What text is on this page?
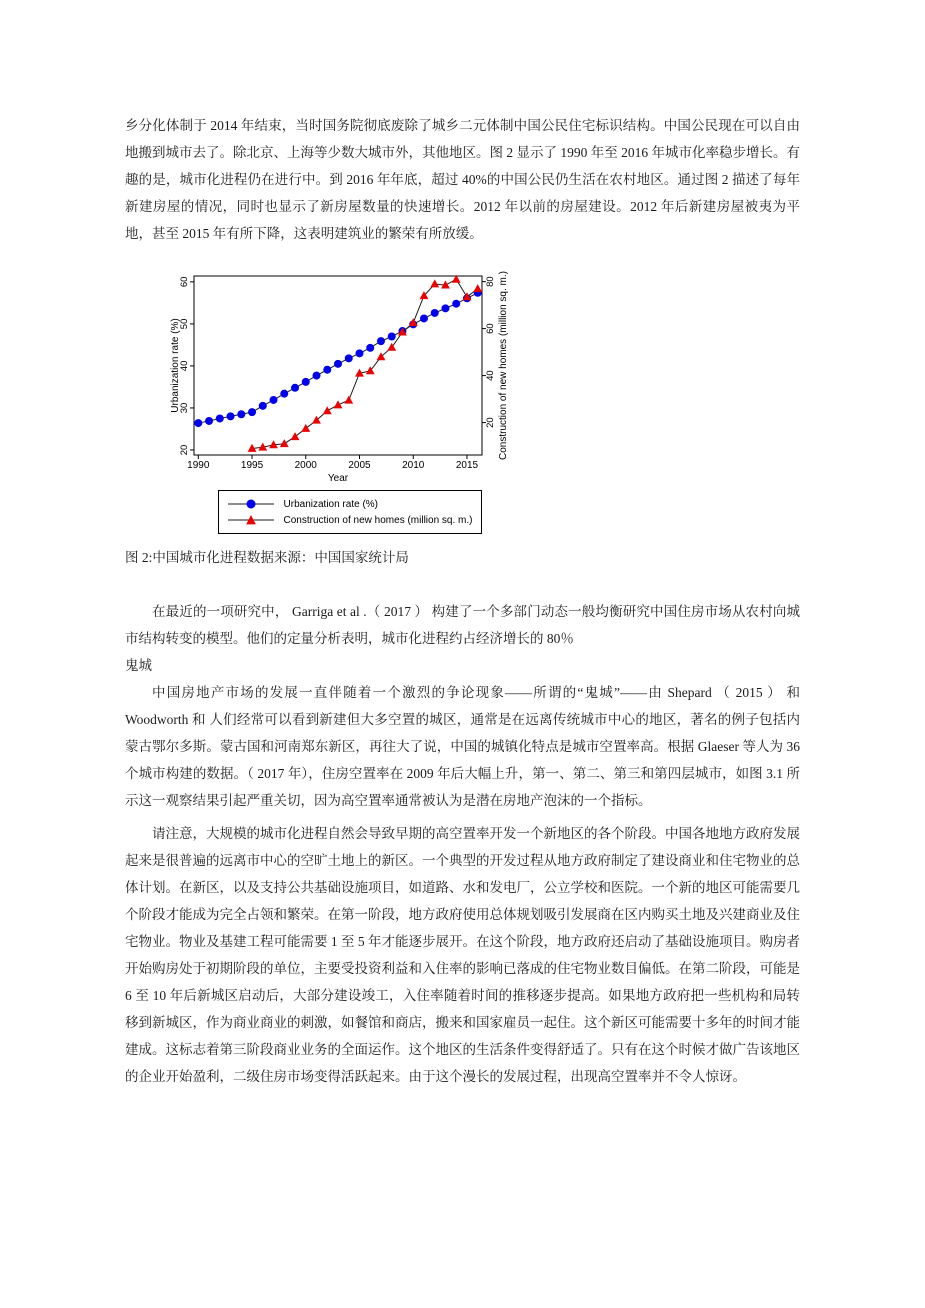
乡分化体制于 2014 年结束，当时国务院彻底废除了城乡二元体制中国公民住宅标识结构。中国公民现在可以自由地搬到城市去了。除北京、上海等少数大城市外，其他地区。图 2 显示了 1990 年至 2016 年城市化率稳步增长。有趣的是，城市化进程仍在进行中。到 2016 年年底，超过 40%的中国公民仍生活在农村地区。通过图 2 描述了每年新建房屋的情况，同时也显示了新房屋数量的快速增长。2012 年以前的房屋建设。2012 年后新建房屋被夷为平地，甚至 2015 年有所下降，这表明建筑业的繁荣有所放缓。

20
30
40
50
60
20
40
60
80
1990	1995	2000	2005	2010	2015
Urbanization rate (%)	Construction of new homes (million sq. m.)
Year
Urbanization rate (%)
Construction of new homes (million sq. m.)

图 2:中国城市化进程数据来源：中国国家统计局

在最近的一项研究中， Garriga et al .（ 2017 ） 构建了一个多部门动态一般均衡研究中国住房市场从农村向城市结构转变的模型。他们的定量分析表明，城市化进程约占经济增长的 80％

鬼城

中国房地产市场的发展一直伴随着一个激烈的争论现象——所谓的“鬼城”——由 Shepard （ 2015 ） 和 Woodworth 和 人们经常可以看到新建但大多空置的城区，通常是在远离传统城市中心的地区，著名的例子包括内蒙古鄂尔多斯。蒙古国和河南郑东新区，再往大了说，中国的城镇化特点是城市空置率高。根据 Glaeser 等人为 36 个城市构建的数据。（ 2017 年），住房空置率在 2009 年后大幅上升，第一、第二、第三和第四层城市，如图 3.1 所示这一观察结果引起严重关切，因为高空置率通常被认为是潜在房地产泡沫的一个指标。

请注意，大规模的城市化进程自然会导致早期的高空置率开发一个新地区的各个阶段。中国各地地方政府发展起来是很普遍的远离市中心的空旷土地上的新区。一个典型的开发过程从地方政府制定了建设商业和住宅物业的总体计划。在新区，以及支持公共基础设施项目，如道路、水和发电厂，公立学校和医院。一个新的地区可能需要几个阶段才能成为完全占领和繁荣。在第一阶段，地方政府使用总体规划吸引发展商在区内购买土地及兴建商业及住宅物业。物业及基建工程可能需要 1 至 5 年才能逐步展开。在这个阶段，地方政府还启动了基础设施项目。购房者开始购房处于初期阶段的单位，主要受投资利益和入住率的影响已落成的住宅物业数目偏低。在第二阶段，可能是 6 至 10 年后新城区启动后，大部分建设竣工，入住率随着时间的推移逐步提高。如果地方政府把一些机构和局转移到新城区，作为商业商业的刺激，如餐馆和商店，搬来和国家雇员一起住。这个新区可能需要十多年的时间才能建成。这标志着第三阶段商业业务的全面运作。这个地区的生活条件变得舒适了。只有在这个时候才做广告该地区的企业开始盈利，二级住房市场变得活跃起来。由于这个漫长的发展过程，出现高空置率并不令人惊讶。
